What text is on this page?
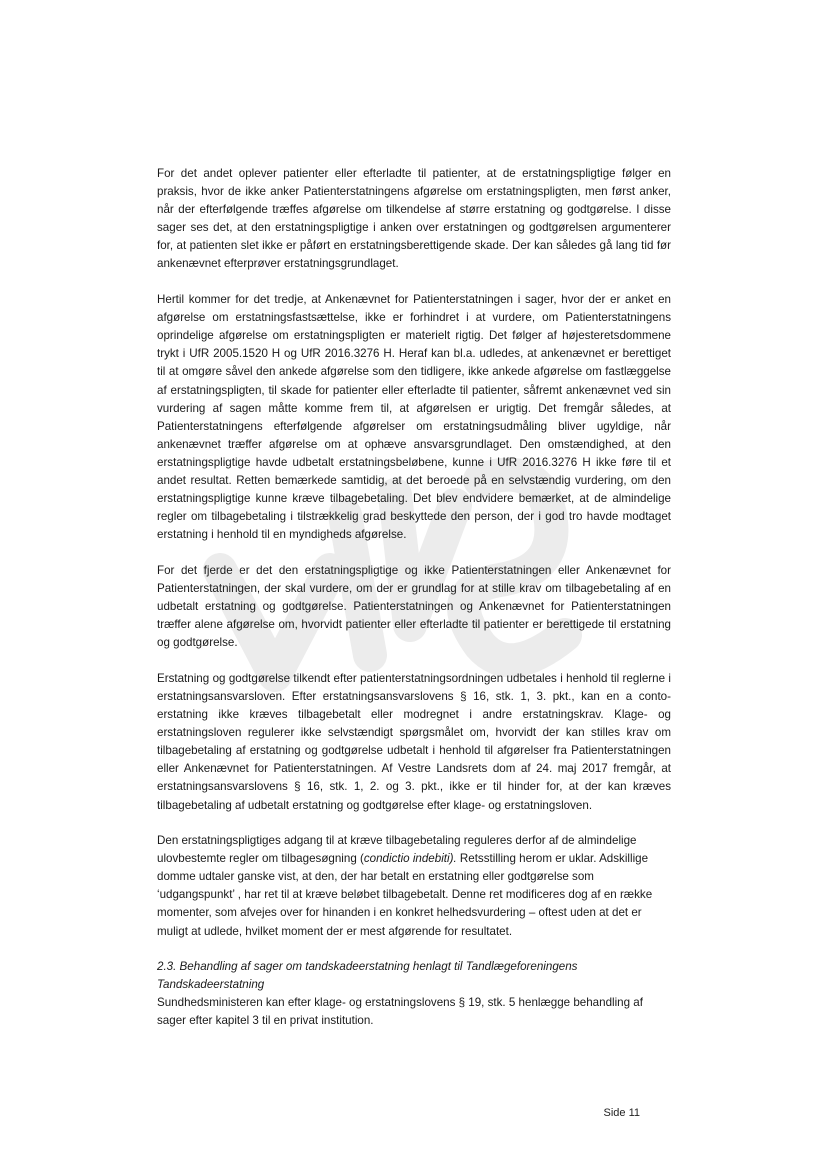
For det andet oplever patienter eller efterladte til patienter, at de erstatningspligtige følger en praksis, hvor de ikke anker Patienterstatningens afgørelse om erstatningspligten, men først anker, når der efterfølgende træffes afgørelse om tilkendelse af større erstatning og godtgørelse. I disse sager ses det, at den erstatningspligtige i anken over erstatningen og godtgørelsen argumenterer for, at patienten slet ikke er påført en erstatningsberettigende skade. Der kan således gå lang tid før ankenævnet efterprøver erstatningsgrundlaget.

Hertil kommer for det tredje, at Ankenævnet for Patienterstatningen i sager, hvor der er anket en afgørelse om erstatningsfastsættelse, ikke er forhindret i at vurdere, om Patienterstatningens oprindelige afgørelse om erstatningspligten er materielt rigtig. Det følger af højesteretsdommene trykt i UfR 2005.1520 H og UfR 2016.3276 H. Heraf kan bl.a. udledes, at ankenævnet er berettiget til at omgøre såvel den ankede afgørelse som den tidligere, ikke ankede afgørelse om fastlæggelse af erstatningspligten, til skade for patienter eller efterladte til patienter, såfremt ankenævnet ved sin vurdering af sagen måtte komme frem til, at afgørelsen er urigtig. Det fremgår således, at Patienterstatningens efterfølgende afgørelser om erstatningsudmåling bliver ugyldige, når ankenævnet træffer afgørelse om at ophæve ansvarsgrundlaget. Den omstændighed, at den erstatningspligtige havde udbetalt erstatningsbeløbene, kunne i UfR 2016.3276 H ikke føre til et andet resultat. Retten bemærkede samtidig, at det beroede på en selvstændig vurdering, om den erstatningspligtige kunne kræve tilbagebetaling. Det blev endvidere bemærket, at de almindelige regler om tilbagebetaling i tilstrækkelig grad beskyttede den person, der i god tro havde modtaget erstatning i henhold til en myndigheds afgørelse.

For det fjerde er det den erstatningspligtige og ikke Patienterstatningen eller Ankenævnet for Patienterstatningen, der skal vurdere, om der er grundlag for at stille krav om tilbagebetaling af en udbetalt erstatning og godtgørelse. Patienterstatningen og Ankenævnet for Patienterstatningen træffer alene afgørelse om, hvorvidt patienter eller efterladte til patienter er berettigede til erstatning og godtgørelse.

Erstatning og godtgørelse tilkendt efter patienterstatningsordningen udbetales i henhold til reglerne i erstatningsansvarsloven. Efter erstatningsansvarslovens § 16, stk. 1, 3. pkt., kan en a conto-erstatning ikke kræves tilbagebetalt eller modregnet i andre erstatningskrav. Klage- og erstatningsloven regulerer ikke selvstændigt spørgsmålet om, hvorvidt der kan stilles krav om tilbagebetaling af erstatning og godtgørelse udbetalt i henhold til afgørelser fra Patienterstatningen eller Ankenævnet for Patienterstatningen. Af Vestre Landsrets dom af 24. maj 2017 fremgår, at erstatningsansvarslovens § 16, stk. 1, 2. og 3. pkt., ikke er til hinder for, at der kan kræves tilbagebetaling af udbetalt erstatning og godtgørelse efter klage- og erstatningsloven.

Den erstatningspligtiges adgang til at kræve tilbagebetaling reguleres derfor af de almindelige ulovbestemte regler om tilbagesøgning (condictio indebiti). Retsstilling herom er uklar. Adskillige domme udtaler ganske vist, at den, der har betalt en erstatning eller godtgørelse som ‘udgangspunkt’ , har ret til at kræve beløbet tilbagebetalt. Denne ret modificeres dog af en række momenter, som afvejes over for hinanden i en konkret helhedsvurdering – oftest uden at det er muligt at udlede, hvilket moment der er mest afgørende for resultatet.

2.3. Behandling af sager om tandskadeerstatning henlagt til Tandlægeforeningens Tandskadeerstatning

Sundhedsministeren kan efter klage- og erstatningslovens § 19, stk. 5 henlægge behandling af sager efter kapitel 3 til en privat institution.

Side 11
